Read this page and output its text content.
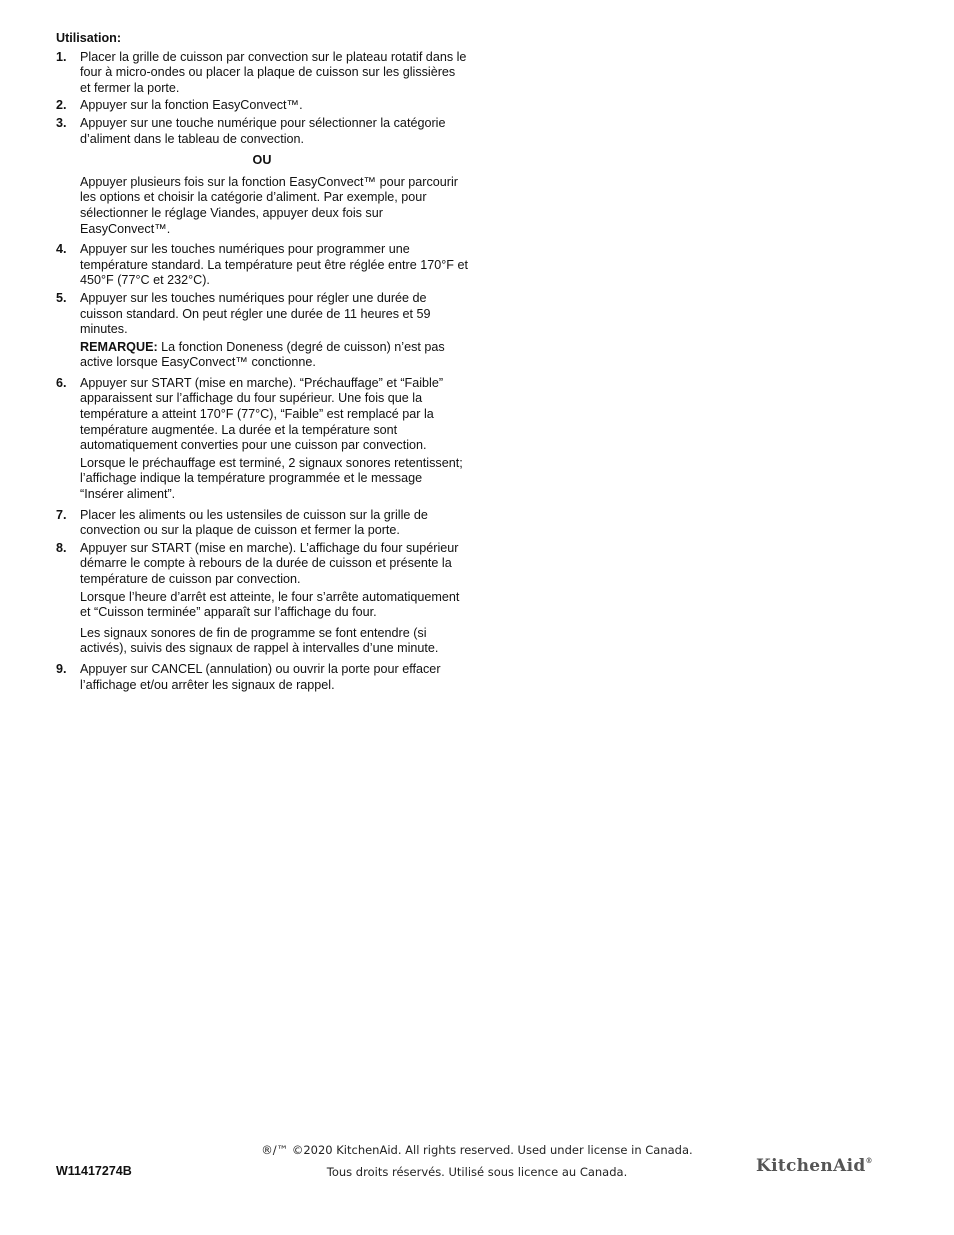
Utilisation:
1. Placer la grille de cuisson par convection sur le plateau rotatif dans le four à micro-ondes ou placer la plaque de cuisson sur les glissières et fermer la porte.
2. Appuyer sur la fonction EasyConvect™.
3. Appuyer sur une touche numérique pour sélectionner la catégorie d’aliment dans le tableau de convection.
OU
Appuyer plusieurs fois sur la fonction EasyConvect™ pour parcourir les options et choisir la catégorie d’aliment. Par exemple, pour sélectionner le réglage Viandes, appuyer deux fois sur EasyConvect™.
4. Appuyer sur les touches numériques pour programmer une température standard. La température peut être réglée entre 170°F et 450°F (77°C et 232°C).
5. Appuyer sur les touches numériques pour régler une durée de cuisson standard. On peut régler une durée de 11 heures et 59 minutes.
REMARQUE: La fonction Doneness (degré de cuisson) n’est pas active lorsque EasyConvect™ conctionne.
6. Appuyer sur START (mise en marche). “Préchauffage” et “Faible” apparaissent sur l’affichage du four supérieur. Une fois que la température a atteint 170°F (77°C), “Faible” est remplacé par la température augmentée. La durée et la température sont automatiquement converties pour une cuisson par convection.
Lorsque le préchauffage est terminé, 2 signaux sonores retentissent; l’affichage indique la température programmée et le message “Insérer aliment”.
7. Placer les aliments ou les ustensiles de cuisson sur la grille de convection ou sur la plaque de cuisson et fermer la porte.
8. Appuyer sur START (mise en marche). L’affichage du four supérieur démarre le compte à rebours de la durée de cuisson et présente la température de cuisson par convection.
Lorsque l’heure d’arrêt est atteinte, le four s’arrête automatiquement et “Cuisson terminée” apparaît sur l’affichage du four.
Les signaux sonores de fin de programme se font entendre (si activés), suivis des signaux de rappel à intervalles d’une minute.
9. Appuyer sur CANCEL (annulation) ou ouvrir la porte pour effacer l’affichage et/ou arrêter les signaux de rappel.
W11417274B
®/™ ©2020 KitchenAid. All rights reserved. Used under license in Canada.
Tous droits réservés. Utilisé sous licence au Canada.	KitchenAid®
